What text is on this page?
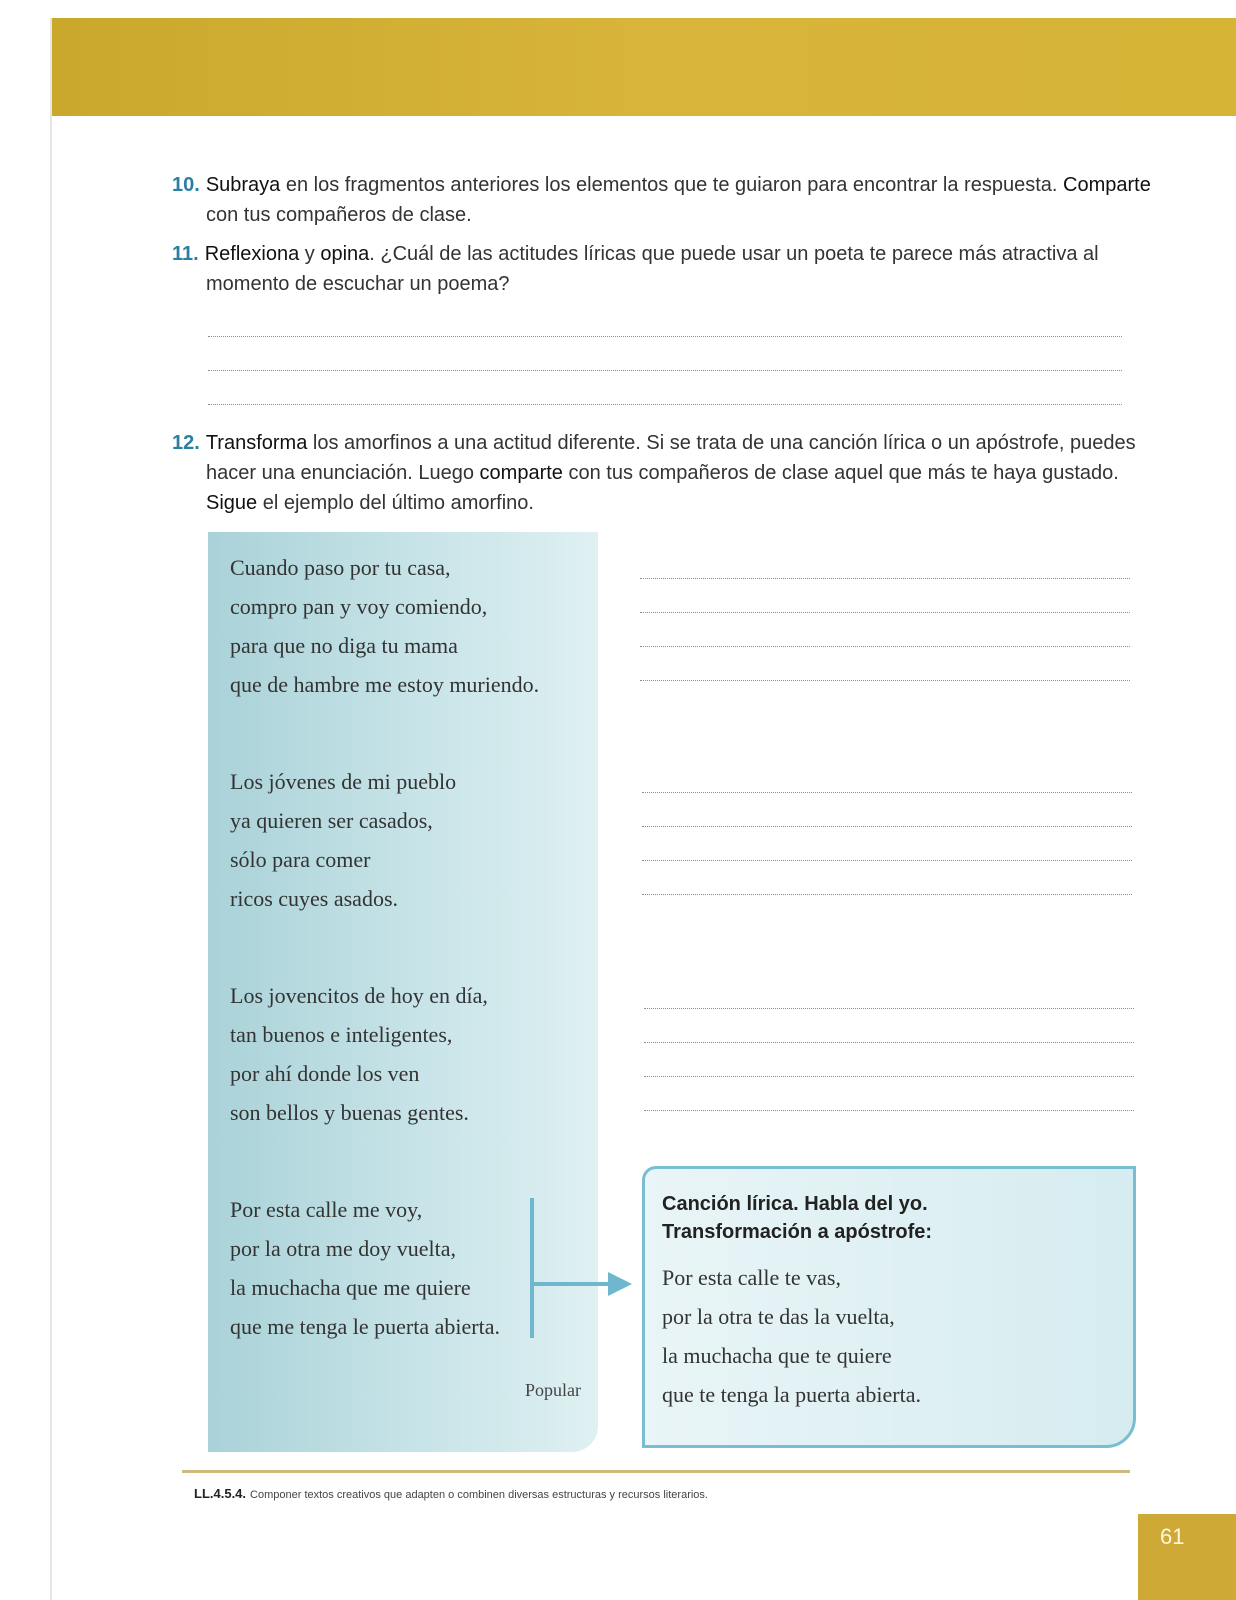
10. Subraya en los fragmentos anteriores los elementos que te guiaron para encontrar la respuesta. Comparte con tus compañeros de clase.
11. Reflexiona y opina. ¿Cuál de las actitudes líricas que puede usar un poeta te parece más atractiva al momento de escuchar un poema?
12. Transforma los amorfinos a una actitud diferente. Si se trata de una canción lírica o un apóstrofe, puedes hacer una enunciación. Luego comparte con tus compañeros de clase aquel que más te haya gustado. Sigue el ejemplo del último amorfino.
Cuando paso por tu casa,
compro pan y voy comiendo,
para que no diga tu mama
que de hambre me estoy muriendo.
Los jóvenes de mi pueblo
ya quieren ser casados,
sólo para comer
ricos cuyes asados.
Los jovencitos de hoy en día,
tan buenos e inteligentes,
por ahí donde los ven
son bellos y buenas gentes.
Por esta calle me voy,
por la otra me doy vuelta,
la muchacha que me quiere
que me tenga le puerta abierta.
Popular
Canción lírica. Habla del yo.
Transformación a apóstrofe:
Por esta calle te vas,
por la otra te das la vuelta,
la muchacha que te quiere
que te tenga la puerta abierta.
LL.4.5.4. Componer textos creativos que adapten o combinen diversas estructuras y recursos literarios.
61
